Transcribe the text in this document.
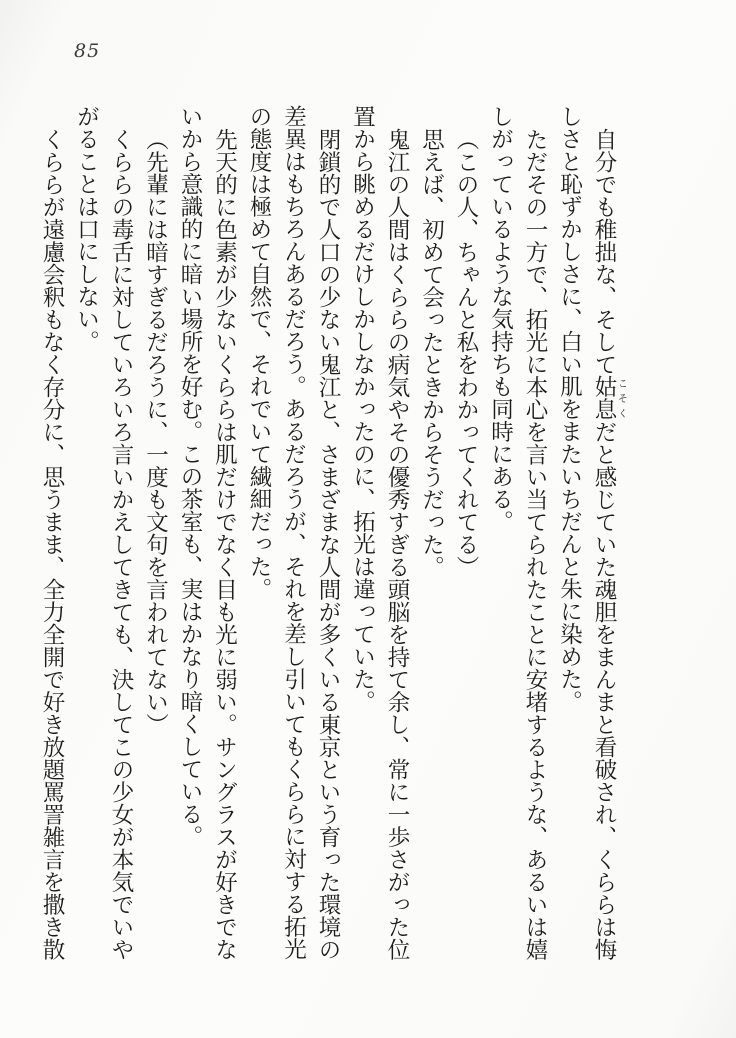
85

自分でも稚拙な、そして姑息こそくだと感じていた魂胆をまんまと看破され、くららは悔しさと恥ずかしさに、白い肌をまたいちだんと朱に染めた。

ただその一方で、拓光に本心を言い当てられたことに安堵するような、あるいは嬉しがっているような気持ちも同時にある。

（この人、ちゃんと私をわかってくれてる）

思えば、初めて会ったときからそうだった。

鬼江の人間はくららの病気やその優秀すぎる頭脳を持て余し、常に一歩さがった位置から眺めるだけしかしなかったのに、拓光は違っていた。

閉鎖的で人口の少ない鬼江と、さまざまな人間が多くいる東京という育った環境の差異はもちろんあるだろう。あるだろうが、それを差し引いてもくららに対する拓光の態度は極めて自然で、それでいて繊細だった。

先天的に色素が少ないくららは肌だけでなく目も光に弱い。サングラスが好きでないから意識的に暗い場所を好む。この茶室も、実はかなり暗くしている。

（先輩には暗すぎるだろうに、一度も文句を言われてない）

くららの毒舌に対していろいろ言いかえしてきても、決してこの少女が本気でいやがることは口にしない。

くららが遠慮会釈もなく存分に、思うまま、全力全開で好き放題罵詈雑言を撒き散
